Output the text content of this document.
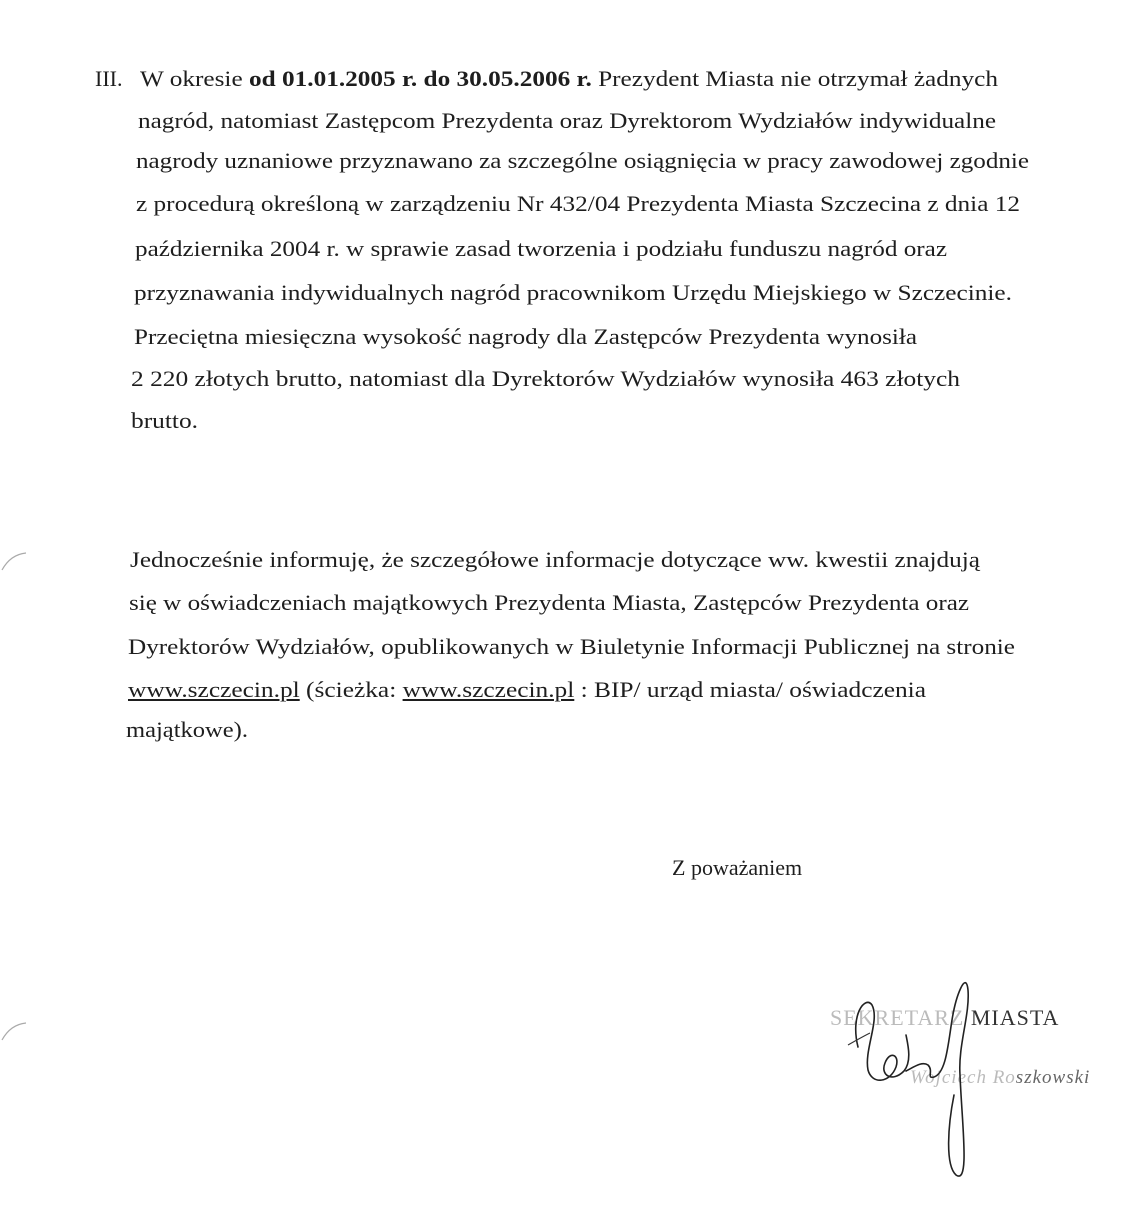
III. W okresie od 01.01.2005 r. do 30.05.2006 r. Prezydent Miasta nie otrzymał żadnych
nagród, natomiast Zastępcom Prezydenta oraz Dyrektorom Wydziałów indywidualne
nagrody uznaniowe przyznawano za szczególne osiągnięcia w pracy zawodowej zgodnie
z procedurą określoną w zarządzeniu Nr 432/04 Prezydenta Miasta Szczecina z dnia 12
października 2004 r. w sprawie zasad tworzenia i podziału funduszu nagród oraz
przyznawania indywidualnych nagród pracownikom Urzędu Miejskiego w Szczecinie.
Przeciętna miesięczna wysokość nagrody dla Zastępców Prezydenta wynosiła
2 220 złotych brutto, natomiast dla Dyrektorów Wydziałów wynosiła 463 złotych
brutto.
Jednocześnie informuję, że szczegółowe informacje dotyczące ww. kwestii znajdują
się w oświadczeniach majątkowych Prezydenta Miasta, Zastępców Prezydenta oraz
Dyrektorów Wydziałów, opublikowanych w Biuletynie Informacji Publicznej na stronie
www.szczecin.pl (ścieżka: www.szczecin.pl : BIP/ urząd miasta/ oświadczenia
majątkowe).
Z poważaniem
SEKRETARZ MIASTA
Wojciech Roszkowski
